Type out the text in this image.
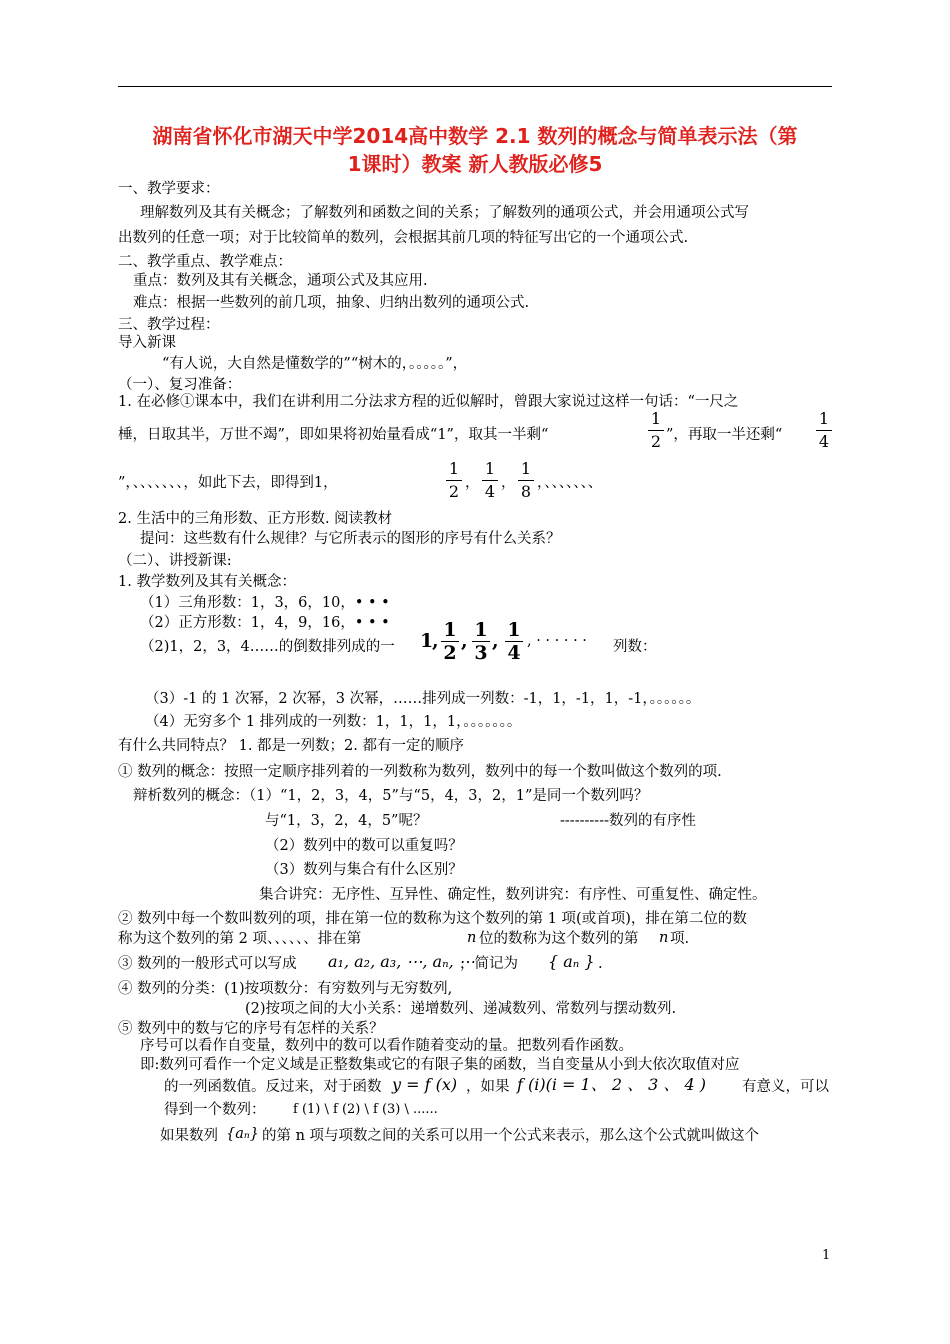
湖南省怀化市湖天中学2014高中数学 2.1 数列的概念与简单表示法（第
1课时）教案 新人教版必修5
一、教学要求：
理解数列及其有关概念；了解数列和函数之间的关系；了解数列的通项公式，并会用通项公式写
出数列的任意一项；对于比较简单的数列，会根据其前几项的特征写出它的一个通项公式.
二、教学重点、教学难点：
重点：数列及其有关概念，通项公式及其应用.
难点：根据一些数列的前几项，抽象、归纳出数列的通项公式.
三、教学过程：
导入新课
“有人说，大自然是懂数学的”“树木的，。。。。。”，
（一）、复习准备：
1. 在必修①课本中，我们在讲利用二分法求方程的近似解时，曾跟大家说过这样一句话：“一尺之
棰，日取其半，万世不竭”，即如果将初始量看成“1”，取其一半剩“
1
2 ”，再取一半还剩“
1
4
”，、、、、、、、，如此下去，即得到1，
1
2 ，
1
4 ，
1
8 ，、、、、、、、
2. 生活中的三角形数、正方形数. 阅读教材
提问：这些数有什么规律？与它所表示的图形的序号有什么关系？
（二）、讲授新课:
1. 教学数列及其有关概念：
（1）三角形数：1，3，6，10，• • •
（2）正方形数：1，4，9，16，• • •
（2)1，2，3，4……的倒数排列成的一 1
, 1
2
, 1
3
, 1
4
, · · · · · · 列数：
（3）-1 的 1 次幂，2 次幂，3 次幂，……排列成一列数：-1，1，-1，1，-1，。。。。。。
（4）无穷多个 1 排列成的一列数：1，1，1，1，。。。。。。。
有什么共同特点？ 1. 都是一列数；2. 都有一定的顺序
① 数列的概念：按照一定顺序排列着的一列数称为数列，数列中的每一个数叫做这个数列的项.
辩析数列的概念：（1）“1，2，3，4，5”与“5，4，3，2，1”是同一个数列吗？
与“1，3，2，4，5”呢？	----------数列的有序性
（2）数列中的数可以重复吗？
（3）数列与集合有什么区别？
集合讲究：无序性、互异性、确定性，数列讲究：有序性、可重复性、确定性。
② 数列中每一个数叫数列的项，排在第一位的数称为这个数列的第 1 项(或首项)，排在第二位的数
称为这个数列的第 2 项、、、、、、排在第	n 位的数称为这个数列的第 n 项.
③ 数列的一般形式可以写成 a₁, a₂, a₃, ⋯, aₙ, ⋯
，简记为 { aₙ } .
④ 数列的分类：(1)按项数分：有穷数列与无穷数列,
(2)按项之间的大小关系：递增数列、递减数列、常数列与摆动数列.
⑤ 数列中的数与它的序号有怎样的关系？
序号可以看作自变量，数列中的数可以看作随着变动的量。把数列看作函数。
即:数列可看作一个定义域是正整数集或它的有限子集的函数，当自变量从小到大依次取值对应
的一列函数值。反过来，对于函数 y = f (x) ，如果 f (i)(i = 1、 2 、 3 、 4 ) 有意义，可以
得到一个数列： f (1) \ f (2) \ f (3) \ ......
如果数列 {aₙ} 的第 n 项与项数之间的关系可以用一个公式来表示，那么这个公式就叫做这个
1
